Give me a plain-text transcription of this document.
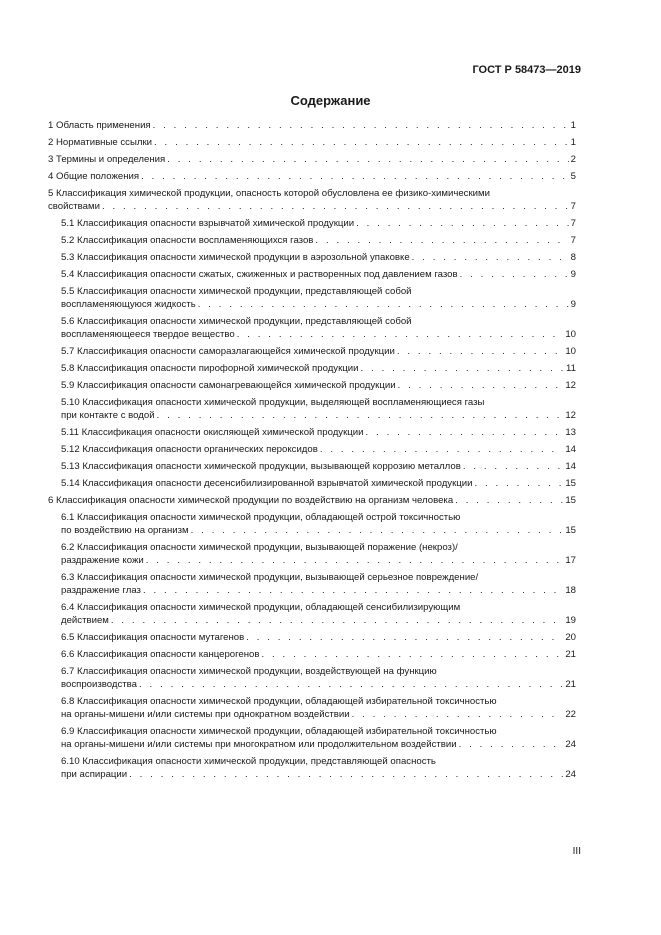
ГОСТ Р 58473—2019
Содержание
1 Область применения . . .	1
2 Нормативные ссылки . . .	1
3 Термины и определения . . .	2
4 Общие положения . . .	5
5 Классификация химической продукции, опасность которой обусловлена ее физико-химическими
свойствами . . .	7
5.1 Классификация опасности взрывчатой химической продукции . . .	7
5.2 Классификация опасности воспламеняющихся газов . . .	7
5.3 Классификация опасности химической продукции в аэрозольной упаковке . . .	8
5.4 Классификация опасности сжатых, сжиженных и растворенных под давлением газов . . .	9
5.5 Классификация опасности химической продукции, представляющей собой
воспламеняющуюся жидкость . . .	9
5.6 Классификация опасности химической продукции, представляющей собой
воспламеняющееся твердое вещество . . .	10
5.7 Классификация опасности саморазлагающейся химической продукции . . .	10
5.8 Классификация опасности пирофорной химической продукции . . .	11
5.9 Классификация опасности самонагревающейся химической продукции . . .	12
5.10 Классификация опасности химической продукции, выделяющей воспламеняющиеся газы
при контакте с водой . . .	12
5.11 Классификация опасности окисляющей химической продукции . . .	13
5.12 Классификация опасности органических пероксидов . . .	14
5.13 Классификация опасности химической продукции, вызывающей коррозию металлов . . .	14
5.14 Классификация опасности десенсибилизированной взрывчатой химической продукции . . .	15
6 Классификация опасности химической продукции по воздействию на организм человека . . .	15
6.1 Классификация опасности химической продукции, обладающей острой токсичностью
по воздействию на организм . . .	15
6.2 Классификация опасности химической продукции, вызывающей поражение (некроз)/
раздражение кожи . . .	17
6.3 Классификация опасности химической продукции, вызывающей серьезное повреждение/
раздражение глаз . . .	18
6.4 Классификация опасности химической продукции, обладающей сенсибилизирующим
действием . . .	19
6.5 Классификация опасности мутагенов . . .	20
6.6 Классификация опасности канцерогенов . . .	21
6.7 Классификация опасности химической продукции, воздействующей на функцию
воспроизводства . . .	21
6.8 Классификация опасности химической продукции, обладающей избирательной токсичностью
на органы-мишени и/или системы при однократном воздействии . . .	22
6.9 Классификация опасности химической продукции, обладающей избирательной токсичностью
на органы-мишени и/или системы при многократном или продолжительном воздействии . . .	24
6.10 Классификация опасности химической продукции, представляющей опасность
при аспирации . . .	24
III
